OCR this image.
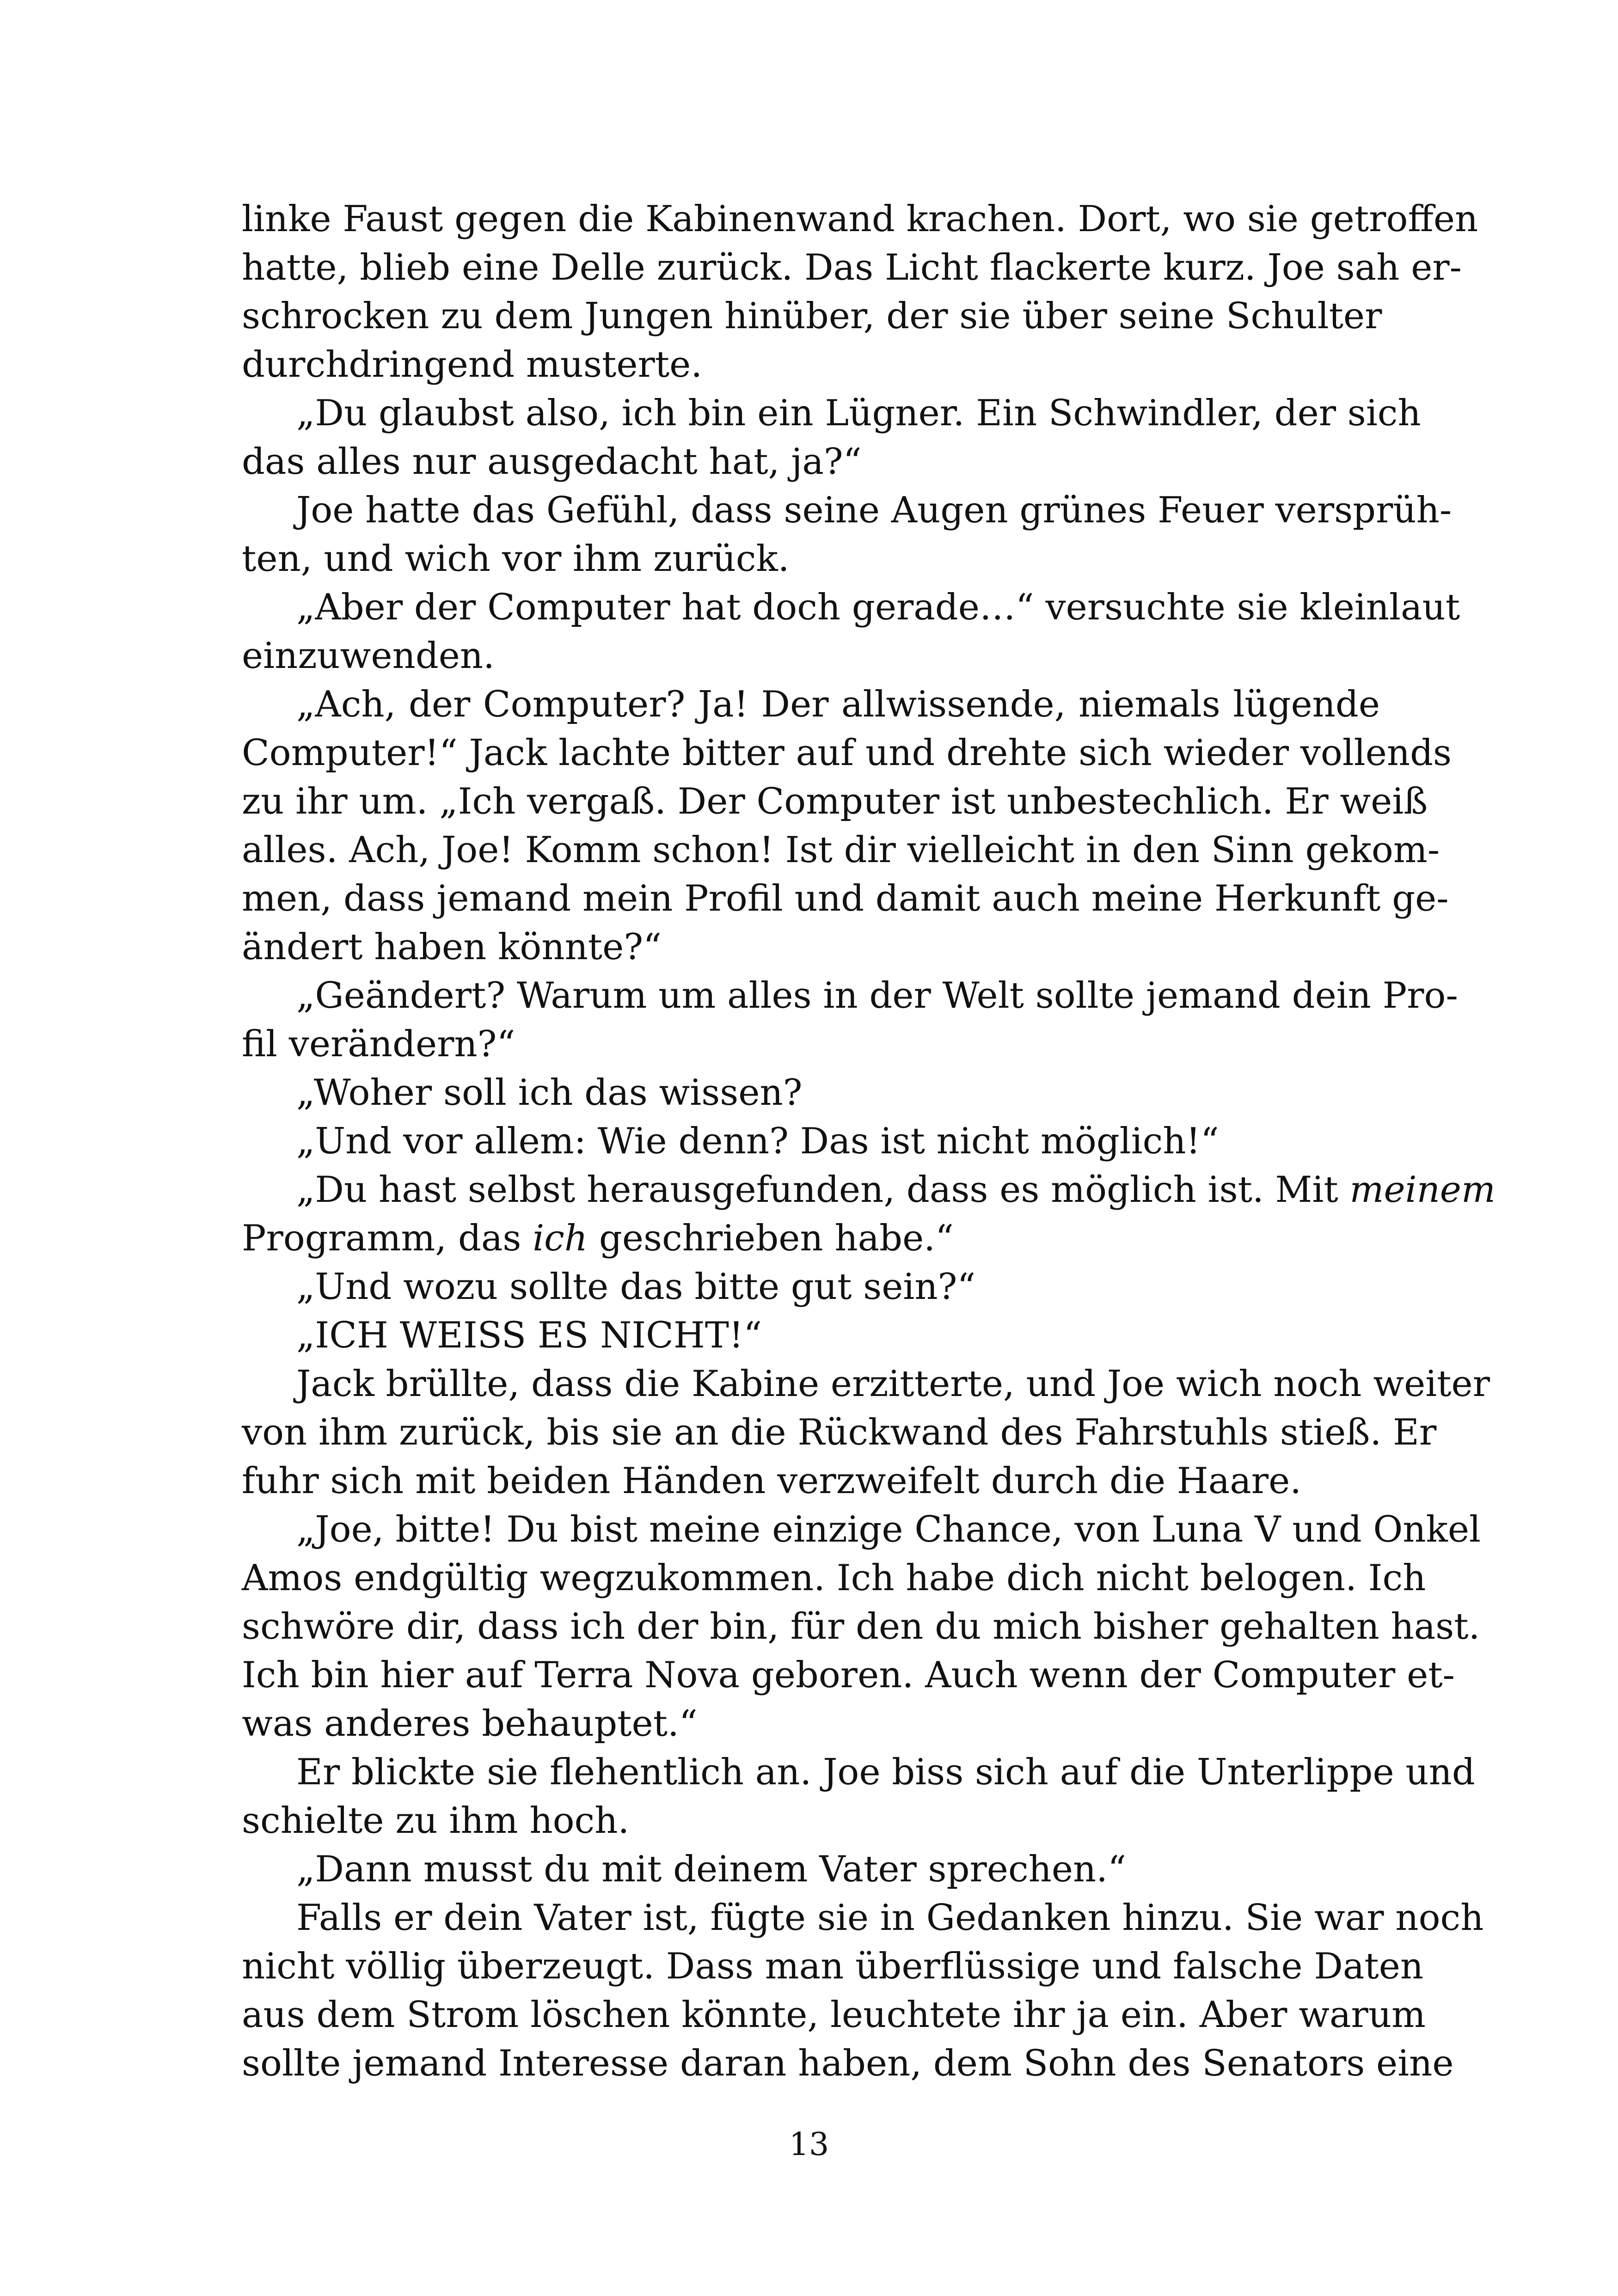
linke Faust gegen die Kabinenwand krachen. Dort, wo sie getroffen
hatte, blieb eine Delle zurück. Das Licht flackerte kurz. Joe sah er-
schrocken zu dem Jungen hinüber, der sie über seine Schulter
durchdringend musterte.
„Du glaubst also, ich bin ein Lügner. Ein Schwindler, der sich
das alles nur ausgedacht hat, ja?“
Joe hatte das Gefühl, dass seine Augen grünes Feuer versprüh-
ten, und wich vor ihm zurück.
„Aber der Computer hat doch gerade…“ versuchte sie kleinlaut
einzuwenden.
„Ach, der Computer? Ja! Der allwissende, niemals lügende
Computer!“ Jack lachte bitter auf und drehte sich wieder vollends
zu ihr um. „Ich vergaß. Der Computer ist unbestechlich. Er weiß
alles. Ach, Joe! Komm schon! Ist dir vielleicht in den Sinn gekom-
men, dass jemand mein Profil und damit auch meine Herkunft ge-
ändert haben könnte?“
„Geändert? Warum um alles in der Welt sollte jemand dein Pro-
fil verändern?“
„Woher soll ich das wissen?
„Und vor allem: Wie denn? Das ist nicht möglich!“
„Du hast selbst herausgefunden, dass es möglich ist. Mit meinem
Programm, das ich geschrieben habe.“
„Und wozu sollte das bitte gut sein?“
„ICH WEISS ES NICHT!“
Jack brüllte, dass die Kabine erzitterte, und Joe wich noch weiter
von ihm zurück, bis sie an die Rückwand des Fahrstuhls stieß. Er
fuhr sich mit beiden Händen verzweifelt durch die Haare.
„Joe, bitte! Du bist meine einzige Chance, von Luna V und Onkel
Amos endgültig wegzukommen. Ich habe dich nicht belogen. Ich
schwöre dir, dass ich der bin, für den du mich bisher gehalten hast.
Ich bin hier auf Terra Nova geboren. Auch wenn der Computer et-
was anderes behauptet.“
Er blickte sie flehentlich an. Joe biss sich auf die Unterlippe und
schielte zu ihm hoch.
„Dann musst du mit deinem Vater sprechen.“
Falls er dein Vater ist, fügte sie in Gedanken hinzu. Sie war noch
nicht völlig überzeugt. Dass man überflüssige und falsche Daten
aus dem Strom löschen könnte, leuchtete ihr ja ein. Aber warum
sollte jemand Interesse daran haben, dem Sohn des Senators eine
13
